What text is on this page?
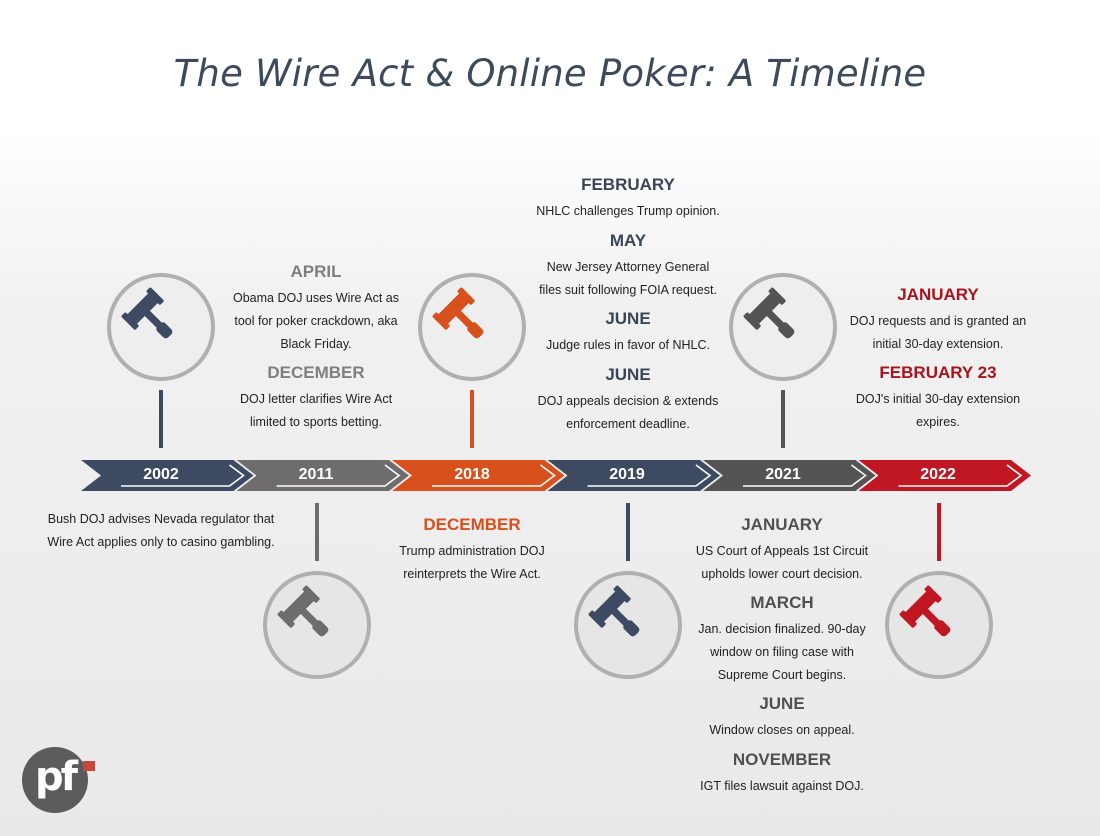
The Wire Act & Online Poker: A Timeline
2002	2011	2018	2019	2021	2022
Bush DOJ advises Nevada regulator that Wire Act applies only to casino gambling.
APRIL
Obama DOJ uses Wire Act as tool for poker crackdown, aka Black Friday.
DECEMBER
DOJ letter clarifies Wire Act limited to sports betting.
DECEMBER
Trump administration DOJ reinterprets the Wire Act.
FEBRUARY
NHLC challenges Trump opinion.
MAY
New Jersey Attorney General files suit following FOIA request.
JUNE
Judge rules in favor of NHLC.
JUNE
DOJ appeals decision & extends enforcement deadline.
JANUARY
US Court of Appeals 1st Circuit upholds lower court decision.
MARCH
Jan. decision finalized. 90-day window on filing case with Supreme Court begins.
JUNE
Window closes on appeal.
NOVEMBER
IGT files lawsuit against DOJ.
JANUARY
DOJ requests and is granted an initial 30-day extension.
FEBRUARY 23
DOJ's initial 30-day extension expires.
pf
